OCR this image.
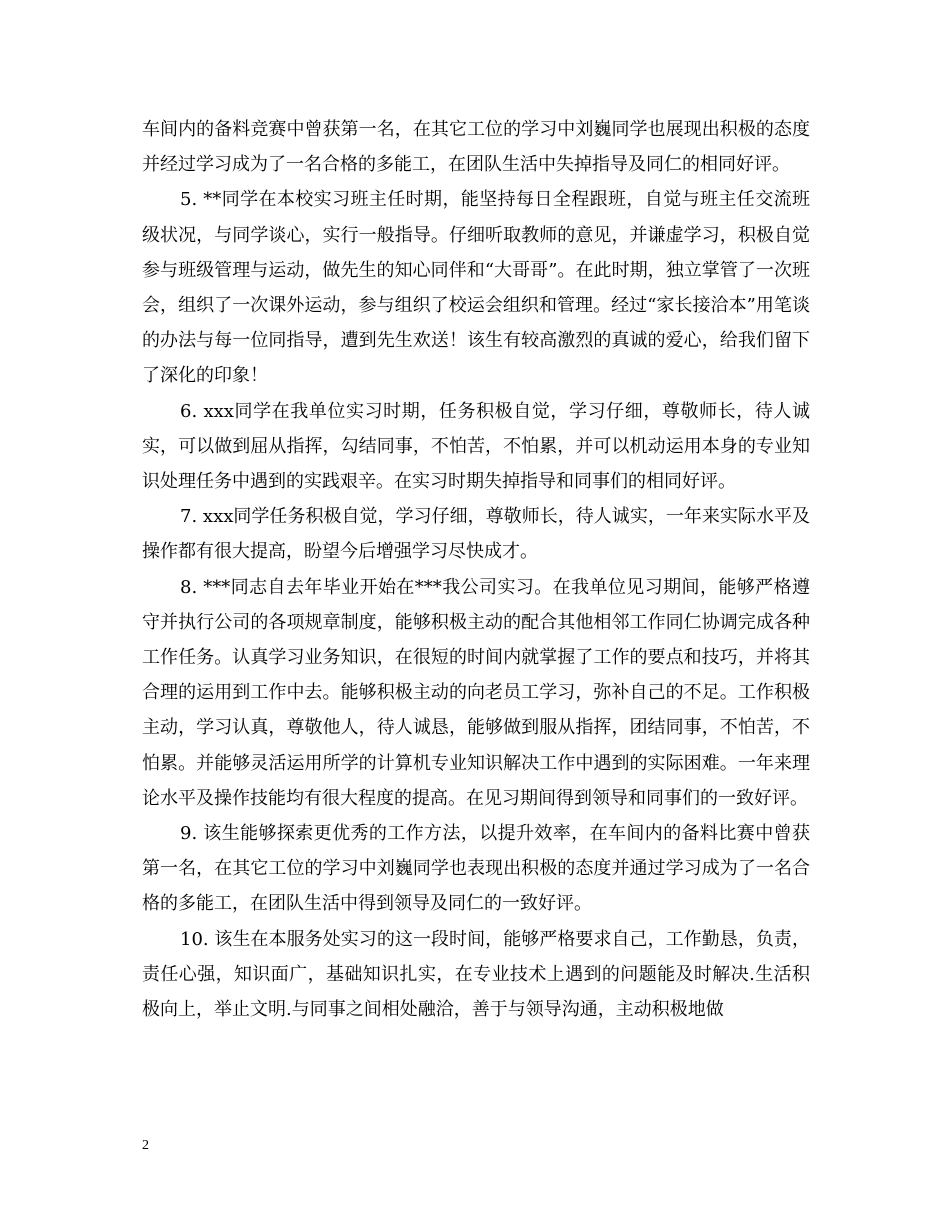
车间内的备料竞赛中曾获第一名，在其它工位的学习中刘巍同学也展现出积极的态度并经过学习成为了一名合格的多能工，在团队生活中失掉指导及同仁的相同好评。

5. **同学在本校实习班主任时期，能坚持每日全程跟班，自觉与班主任交流班级状况，与同学谈心，实行一般指导。仔细听取教师的意见，并谦虚学习，积极自觉参与班级管理与运动，做先生的知心同伴和“大哥哥”。在此时期，独立掌管了一次班会，组织了一次课外运动，参与组织了校运会组织和管理。经过“家长接洽本”用笔谈的办法与每一位同指导，遭到先生欢送！该生有较高激烈的真诚的爱心，给我们留下了深化的印象！

6. xxx同学在我单位实习时期，任务积极自觉，学习仔细，尊敬师长，待人诚实，可以做到屈从指挥，勾结同事，不怕苦，不怕累，并可以机动运用本身的专业知识处理任务中遇到的实践艰辛。在实习时期失掉指导和同事们的相同好评。

7. xxx同学任务积极自觉，学习仔细，尊敬师长，待人诚实，一年来实际水平及操作都有很大提高，盼望今后增强学习尽快成才。

8. ***同志自去年毕业开始在***我公司实习。在我单位见习期间，能够严格遵守并执行公司的各项规章制度，能够积极主动的配合其他相邻工作同仁协调完成各种工作任务。认真学习业务知识，在很短的时间内就掌握了工作的要点和技巧，并将其合理的运用到工作中去。能够积极主动的向老员工学习，弥补自己的不足。工作积极主动，学习认真，尊敬他人，待人诚恳，能够做到服从指挥，团结同事，不怕苦，不怕累。并能够灵活运用所学的计算机专业知识解决工作中遇到的实际困难。一年来理论水平及操作技能均有很大程度的提高。在见习期间得到领导和同事们的一致好评。

9. 该生能够探索更优秀的工作方法，以提升效率，在车间内的备料比赛中曾获第一名，在其它工位的学习中刘巍同学也表现出积极的态度并通过学习成为了一名合格的多能工，在团队生活中得到领导及同仁的一致好评。

10. 该生在本服务处实习的这一段时间，能够严格要求自己，工作勤恳，负责，责任心强，知识面广，基础知识扎实，在专业技术上遇到的问题能及时解决.生活积极向上，举止文明.与同事之间相处融洽，善于与领导沟通，主动积极地做

2
